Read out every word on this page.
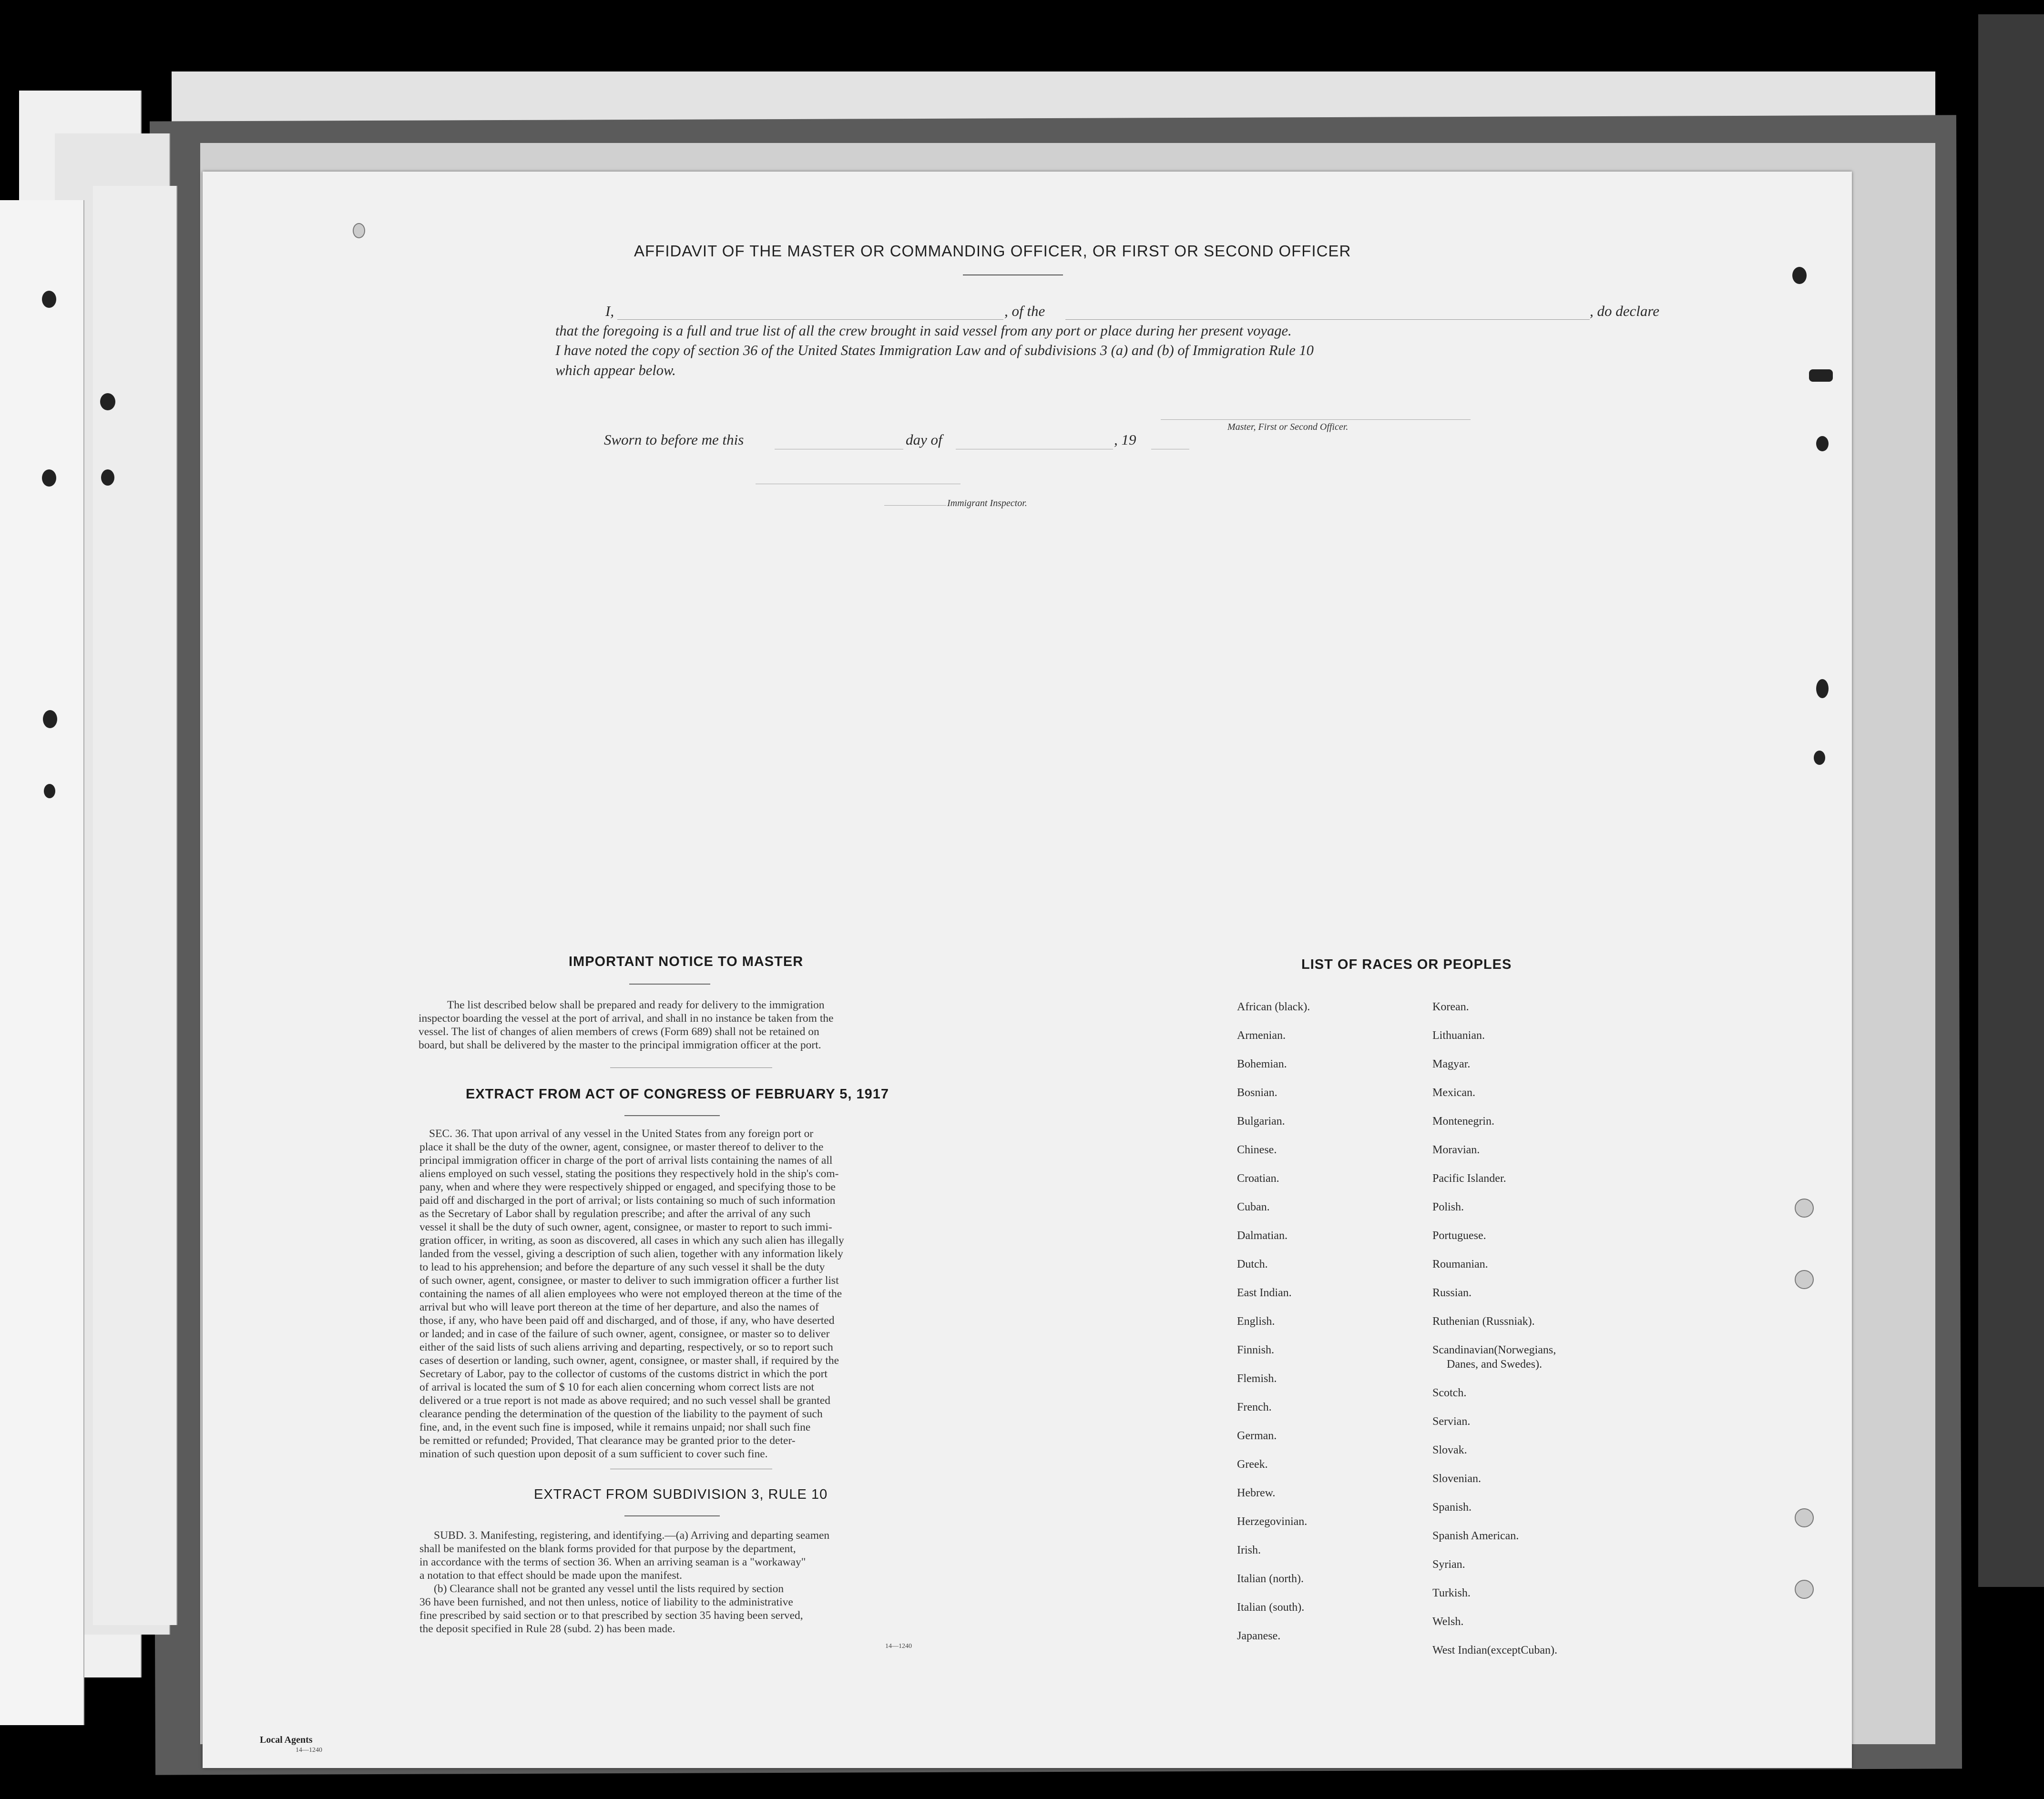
AFFIDAVIT OF THE MASTER OR COMMANDING OFFICER, OR FIRST OR SECOND OFFICER
I,	, of the	, do declare
that the foregoing is a full and true list of all the crew brought in said vessel from any port or place during her present voyage.
I have noted the copy of section 36 of the United States Immigration Law and of subdivisions 3 (a) and (b) of Immigration Rule 10
which appear below.
Master, First or Second Officer.
Sworn to before me this	day of	, 19
Immigrant Inspector.
IMPORTANT NOTICE TO MASTER
The list described below shall be prepared and ready for delivery to the immigration
inspector boarding the vessel at the port of arrival, and shall in no instance be taken from the
vessel. The list of changes of alien members of crews (Form 689) shall not be retained on
board, but shall be delivered by the master to the principal immigration officer at the port.
EXTRACT FROM ACT OF CONGRESS OF FEBRUARY 5, 1917
SEC. 36. That upon arrival of any vessel in the United States from any foreign port or
place it shall be the duty of the owner, agent, consignee, or master thereof to deliver to the
principal immigration officer in charge of the port of arrival lists containing the names of all
aliens employed on such vessel, stating the positions they respectively hold in the ship's com-
pany, when and where they were respectively shipped or engaged, and specifying those to be
paid off and discharged in the port of arrival; or lists containing so much of such information
as the Secretary of Labor shall by regulation prescribe; and after the arrival of any such
vessel it shall be the duty of such owner, agent, consignee, or master to report to such immi-
gration officer, in writing, as soon as discovered, all cases in which any such alien has illegally
landed from the vessel, giving a description of such alien, together with any information likely
to lead to his apprehension; and before the departure of any such vessel it shall be the duty
of such owner, agent, consignee, or master to deliver to such immigration officer a further list
containing the names of all alien employees who were not employed thereon at the time of the
arrival but who will leave port thereon at the time of her departure, and also the names of
those, if any, who have been paid off and discharged, and of those, if any, who have deserted
or landed; and in case of the failure of such owner, agent, consignee, or master so to deliver
either of the said lists of such aliens arriving and departing, respectively, or so to report such
cases of desertion or landing, such owner, agent, consignee, or master shall, if required by the
Secretary of Labor, pay to the collector of customs of the customs district in which the port
of arrival is located the sum of $ 10 for each alien concerning whom correct lists are not
delivered or a true report is not made as above required; and no such vessel shall be granted
clearance pending the determination of the question of the liability to the payment of such
fine, and, in the event such fine is imposed, while it remains unpaid; nor shall such fine
be remitted or refunded; Provided, That clearance may be granted prior to the deter-
mination of such question upon deposit of a sum sufficient to cover such fine.
EXTRACT FROM SUBDIVISION 3, RULE 10
SUBD. 3. Manifesting, registering, and identifying.—(a) Arriving and departing seamen
shall be manifested on the blank forms provided for that purpose by the department,
in accordance with the terms of section 36. When an arriving seaman is a "workaway"
a notation to that effect should be made upon the manifest.
(b) Clearance shall not be granted any vessel until the lists required by section
36 have been furnished, and not then unless, notice of liability to the administrative
fine prescribed by said section or to that prescribed by section 35 having been served,
the deposit specified in Rule 28 (subd. 2) has been made.
14—1240
LIST OF RACES OR PEOPLES
African (black).
Armenian.
Bohemian.
Bosnian.
Bulgarian.
Chinese.
Croatian.
Cuban.
Dalmatian.
Dutch.
East Indian.
English.
Finnish.
Flemish.
French.
German.
Greek.
Hebrew.
Herzegovinian.
Irish.
Italian (north).
Italian (south).
Japanese.
Korean.
Lithuanian.
Magyar.
Mexican.
Montenegrin.
Moravian.
Pacific Islander.
Polish.
Portuguese.
Roumanian.
Russian.
Ruthenian (Russniak).
Scandinavian(Norwegians,
Danes, and Swedes).
Scotch.
Servian.
Slovak.
Slovenian.
Spanish.
Spanish American.
Syrian.
Turkish.
Welsh.
West Indian(exceptCuban).
Local Agents
14—1240
